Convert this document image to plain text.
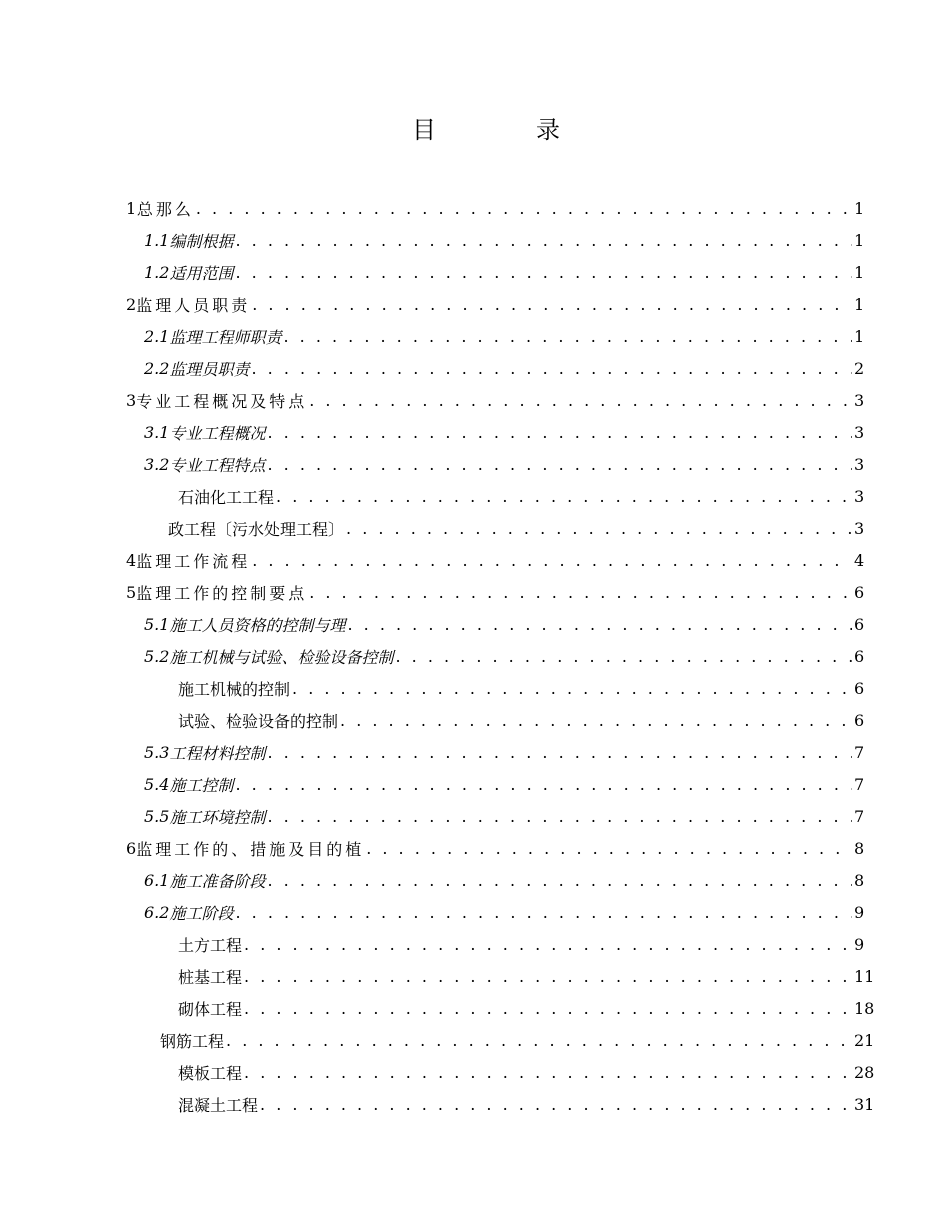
目	录
1 总那么 . . .	1
1.1 编制根据 . . .	1
1.2 适用范围 . . .	1
2 监理人员职责 . . .	1
2.1 监理工程师职责 . . .	1
2.2 监理员职责 . . .	2
3 专业工程概况及特点 . . .	3
3.1 专业工程概况 . . .	3
3.2 专业工程特点 . . .	3
石油化工工程 . . .	3
政工程〔污水处理工程〕 . . .	3
4 监理工作流程 . . .	4
5 监理工作的控制要点 . . .	6
5.1 施工人员资格的控制与理 . . .	6
5.2 施工机械与试验、检验设备控制 . . .	6
施工机械的控制 . . .	6
试验、检验设备的控制 . . .	6
5.3 工程材料控制 . . .	7
5.4 施工控制 . . .	7
5.5 施工环境控制 . . .	7
6 监理工作的、措施及目的植 . . .	8
6.1 施工准备阶段 . . .	8
6.2 施工阶段 . . .	9
土方工程 . . .	9
桩基工程 . . .	11
砌体工程 . . .	18
钢筋工程 . . .	21
模板工程 . . .	28
混凝土工程 . . .	31
